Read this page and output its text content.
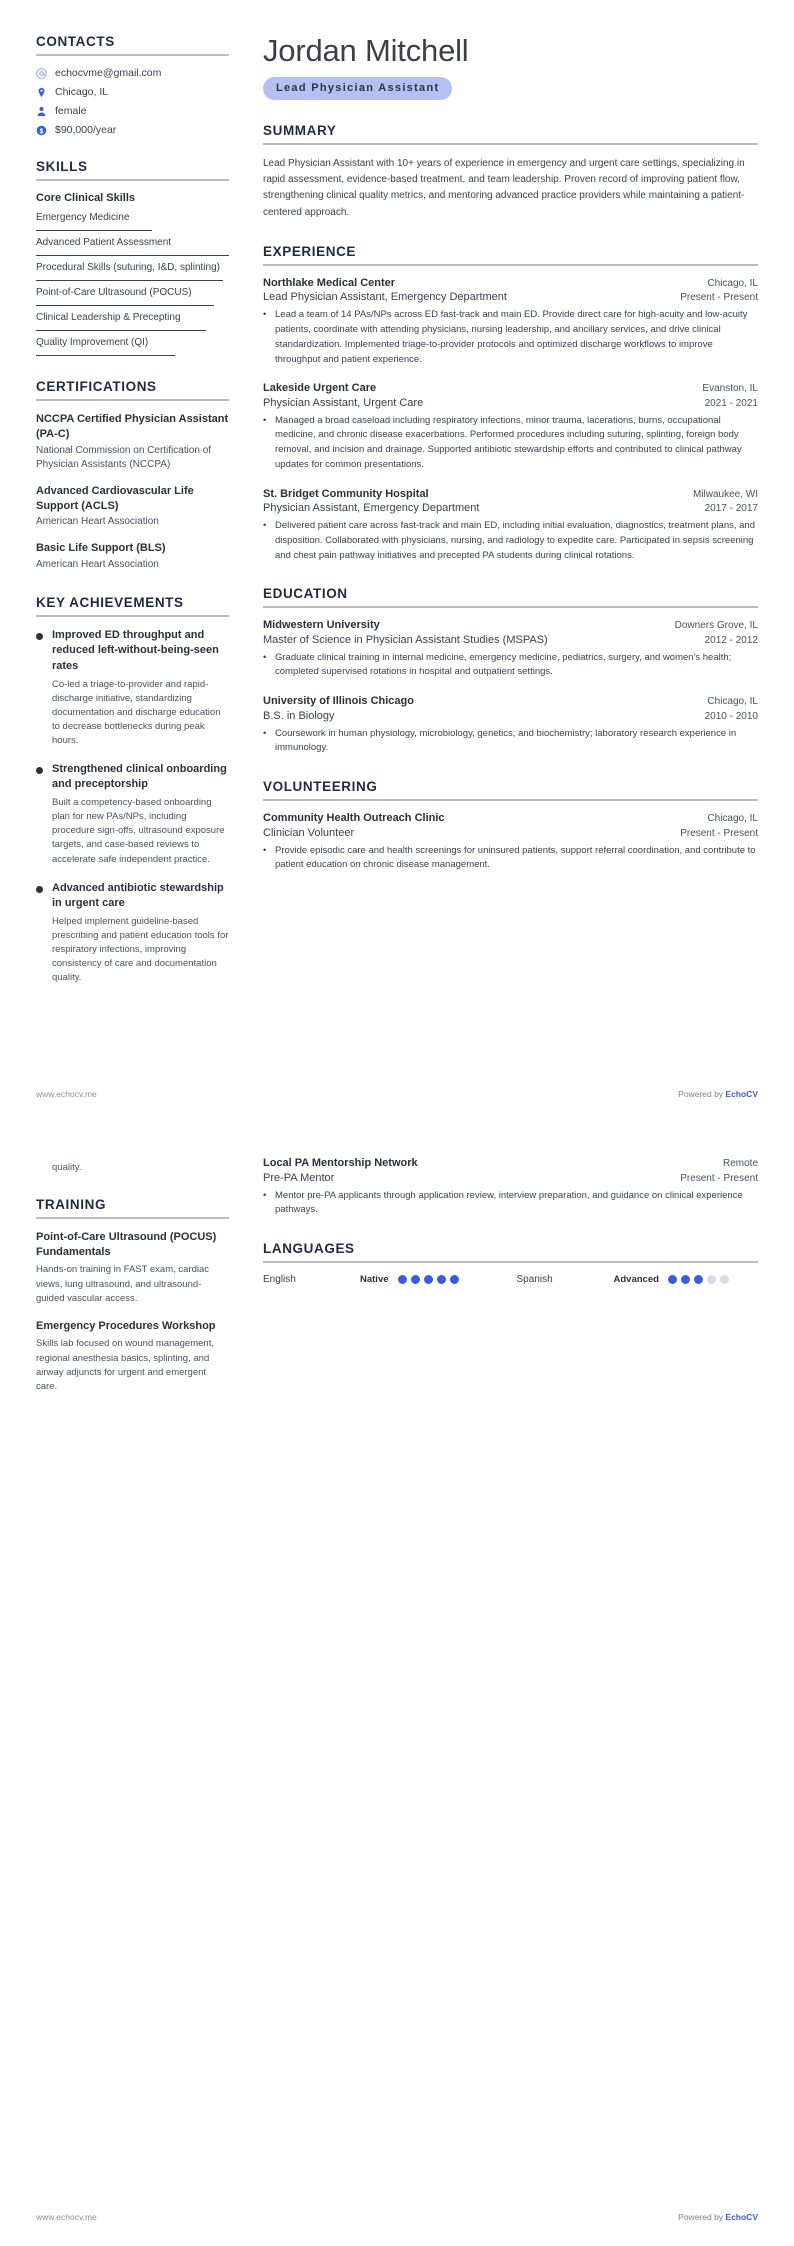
CONTACTS
echocvme@gmail.com
Chicago, IL
female
$ $90,000/year
SKILLS
Core Clinical Skills
Emergency Medicine
Advanced Patient Assessment
Procedural Skills (suturing, I&D, splinting)
Point-of-Care Ultrasound (POCUS)
Clinical Leadership & Precepting
Quality Improvement (QI)
CERTIFICATIONS
NCCPA Certified Physician Assistant (PA-C)
National Commission on Certification of Physician Assistants (NCCPA)
Advanced Cardiovascular Life Support (ACLS)
American Heart Association
Basic Life Support (BLS)
American Heart Association
KEY ACHIEVEMENTS
Improved ED throughput and reduced left-without-being-seen rates
Co-led a triage-to-provider and rapid-discharge initiative, standardizing documentation and discharge education to decrease bottlenecks during peak hours.
Strengthened clinical onboarding and preceptorship
Built a competency-based onboarding plan for new PAs/NPs, including procedure sign-offs, ultrasound exposure targets, and case-based reviews to accelerate safe independent practice.
Advanced antibiotic stewardship in urgent care
Helped implement guideline-based prescribing and patient education tools for respiratory infections, improving consistency of care and documentation quality.
Jordan Mitchell
Lead Physician Assistant
SUMMARY
Lead Physician Assistant with 10+ years of experience in emergency and urgent care settings, specializing in rapid assessment, evidence-based treatment, and team leadership. Proven record of improving patient flow, strengthening clinical quality metrics, and mentoring advanced practice providers while maintaining a patient-centered approach.
EXPERIENCE
Northlake Medical Center	Chicago, IL
Lead Physician Assistant, Emergency Department	Present - Present
• Lead a team of 14 PAs/NPs across ED fast-track and main ED. Provide direct care for high-acuity and low-acuity patients, coordinate with attending physicians, nursing leadership, and ancillary services, and drive clinical standardization. Implemented triage-to-provider protocols and optimized discharge workflows to improve throughput and patient experience.
Lakeside Urgent Care	Evanston, IL
Physician Assistant, Urgent Care	2021 - 2021
• Managed a broad caseload including respiratory infections, minor trauma, lacerations, burns, occupational medicine, and chronic disease exacerbations. Performed procedures including suturing, splinting, foreign body removal, and incision and drainage. Supported antibiotic stewardship efforts and contributed to clinical pathway updates for common presentations.
St. Bridget Community Hospital	Milwaukee, WI
Physician Assistant, Emergency Department	2017 - 2017
• Delivered patient care across fast-track and main ED, including initial evaluation, diagnostics, treatment plans, and disposition. Collaborated with physicians, nursing, and radiology to expedite care. Participated in sepsis screening and chest pain pathway initiatives and precepted PA students during clinical rotations.
EDUCATION
Midwestern University	Downers Grove, IL
Master of Science in Physician Assistant Studies (MSPAS)	2012 - 2012
• Graduate clinical training in internal medicine, emergency medicine, pediatrics, surgery, and women's health; completed supervised rotations in hospital and outpatient settings.
University of Illinois Chicago	Chicago, IL
B.S. in Biology	2010 - 2010
• Coursework in human physiology, microbiology, genetics, and biochemistry; laboratory research experience in immunology.
VOLUNTEERING
Community Health Outreach Clinic	Chicago, IL
Clinician Volunteer	Present - Present
• Provide episodic care and health screenings for uninsured patients, support referral coordination, and contribute to patient education on chronic disease management.
www.echocv.me	Powered by EchoCV
quality.
TRAINING
Point-of-Care Ultrasound (POCUS) Fundamentals
Hands-on training in FAST exam, cardiac views, lung ultrasound, and ultrasound-guided vascular access.
Emergency Procedures Workshop
Skills lab focused on wound management, regional anesthesia basics, splinting, and airway adjuncts for urgent and emergent care.
Local PA Mentorship Network	Remote
Pre-PA Mentor	Present - Present
• Mentor pre-PA applicants through application review, interview preparation, and guidance on clinical experience pathways.
LANGUAGES
English	Native	Spanish	Advanced
www.echocv.me	Powered by EchoCV
